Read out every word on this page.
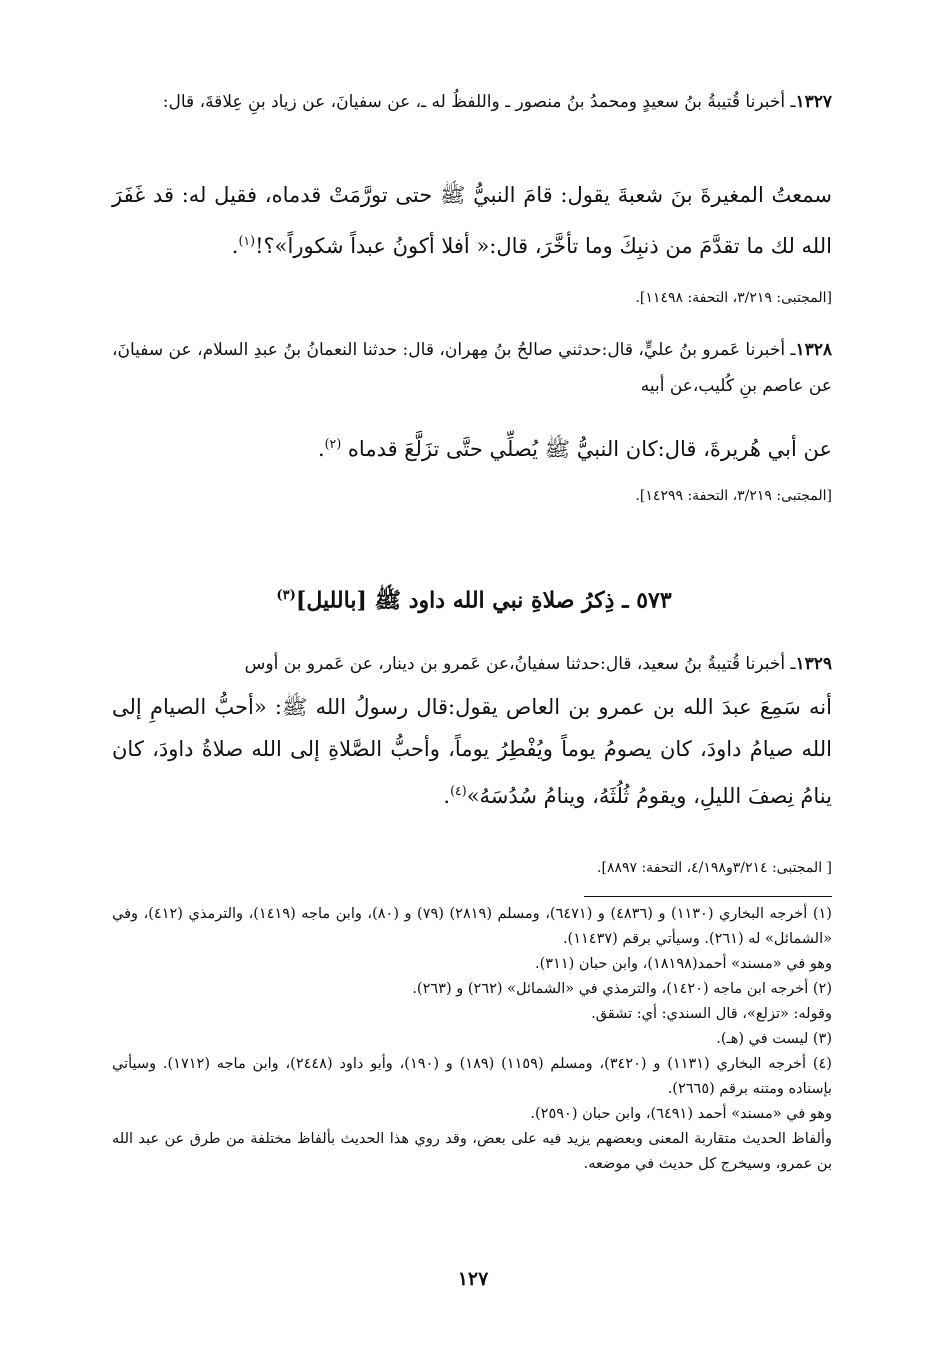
١٣٢٧ـ أخبرنا قُتيبةُ بنُ سعيدٍ ومحمدُ بنُ منصور ـ واللفظُ له ـ، عن سفيانَ، عن زياد بنِ عِلاقةَ، قال:
سمعتُ المغيرةَ بنَ شعبةَ يقول: قامَ النبيُّ ﷺ حتى تورَّمَتْ قدماه، فقيل له: قد غَفَرَ الله لك ما تقدَّمَ من ذنبِكَ وما تأخَّرَ، قال:« أفلا أكونُ عبداً شكوراً»؟!$^{(١)}$.
[المجتبى: ٣/٢١٩، التحفة: ١١٤٩٨].
١٣٢٨ـ أخبرنا عَمرو بنُ عليٍّ، قال:حدثني صالحُ بنُ مِهران، قال: حدثنا النعمانُ بنُ عبدِ السلام، عن سفيانَ، عن عاصم بنِ كُليب،عن أبيه
عن أبي هُريرةَ، قال:كان النبيُّ ﷺ يُصلِّي حتَّى تزَلَّعَ قدماه $^{(٢)}$.
[المجتبى: ٣/٢١٩، التحفة: ١٤٢٩٩].
٥٧٣ ـ ذِكرُ صلاةِ نبي الله داود ﷺ [بالليل]$^{(٣)}$
١٣٢٩ـ أخبرنا قُتيبةُ بنُ سعيد، قال:حدثنا سفيانُ،عن عَمرو بن دينار، عن عَمرو بن أوس
أنه سَمِعَ عبدَ الله بن عمرو بن العاص يقول:قال رسولُ الله ﷺ: «أحبُّ الصيامِ إلى الله صيامُ داودَ، كان يصومُ يوماً ويُفْطِرُ يوماً، وأحبُّ الصَّلاةِ إلى الله صلاةُ داودَ، كان ينامُ نِصفَ الليلِ، ويقومُ ثُلُثَهُ، وينامُ سُدُسَهُ»$^{(٤)}$.
[ المجتبى: ٣/٢١٤و٤/١٩٨، التحفة: ٨٨٩٧].

(١) أخرجه البخاري (١١٣٠) و (٤٨٣٦) و (٦٤٧١)، ومسلم (٢٨١٩) (٧٩) و (٨٠)، وابن ماجه (١٤١٩)، والترمذي (٤١٢)، وفي «الشمائل» له (٢٦١). وسيأتي برقم (١١٤٣٧).

وهو في «مسند» أحمد(١٨١٩٨)، وابن حبان (٣١١).

(٢) أخرجه ابن ماجه (١٤٢٠)، والترمذي في «الشمائل» (٢٦٢) و (٢٦٣).

وقوله: «تزلع»، قال السندي: أي: تشقق.

(٣) ليست في (هـ).

(٤) أخرجه البخاري (١١٣١) و (٣٤٢٠)، ومسلم (١١٥٩) (١٨٩) و (١٩٠)، وأبو داود (٢٤٤٨)، وابن ماجه (١٧١٢). وسيأتي بإسناده ومتنه برقم (٢٦٦٥).

وهو في «مسند» أحمد (٦٤٩١)، وابن حبان (٢٥٩٠).

وألفاظ الحديث متقاربة المعنى وبعضهم يزيد فيه على بعض، وقد روي هذا الحديث بألفاظ مختلفة من طرق عن عبد الله بن عمرو، وسيخرج كل حديث في موضعه.

١٢٧
